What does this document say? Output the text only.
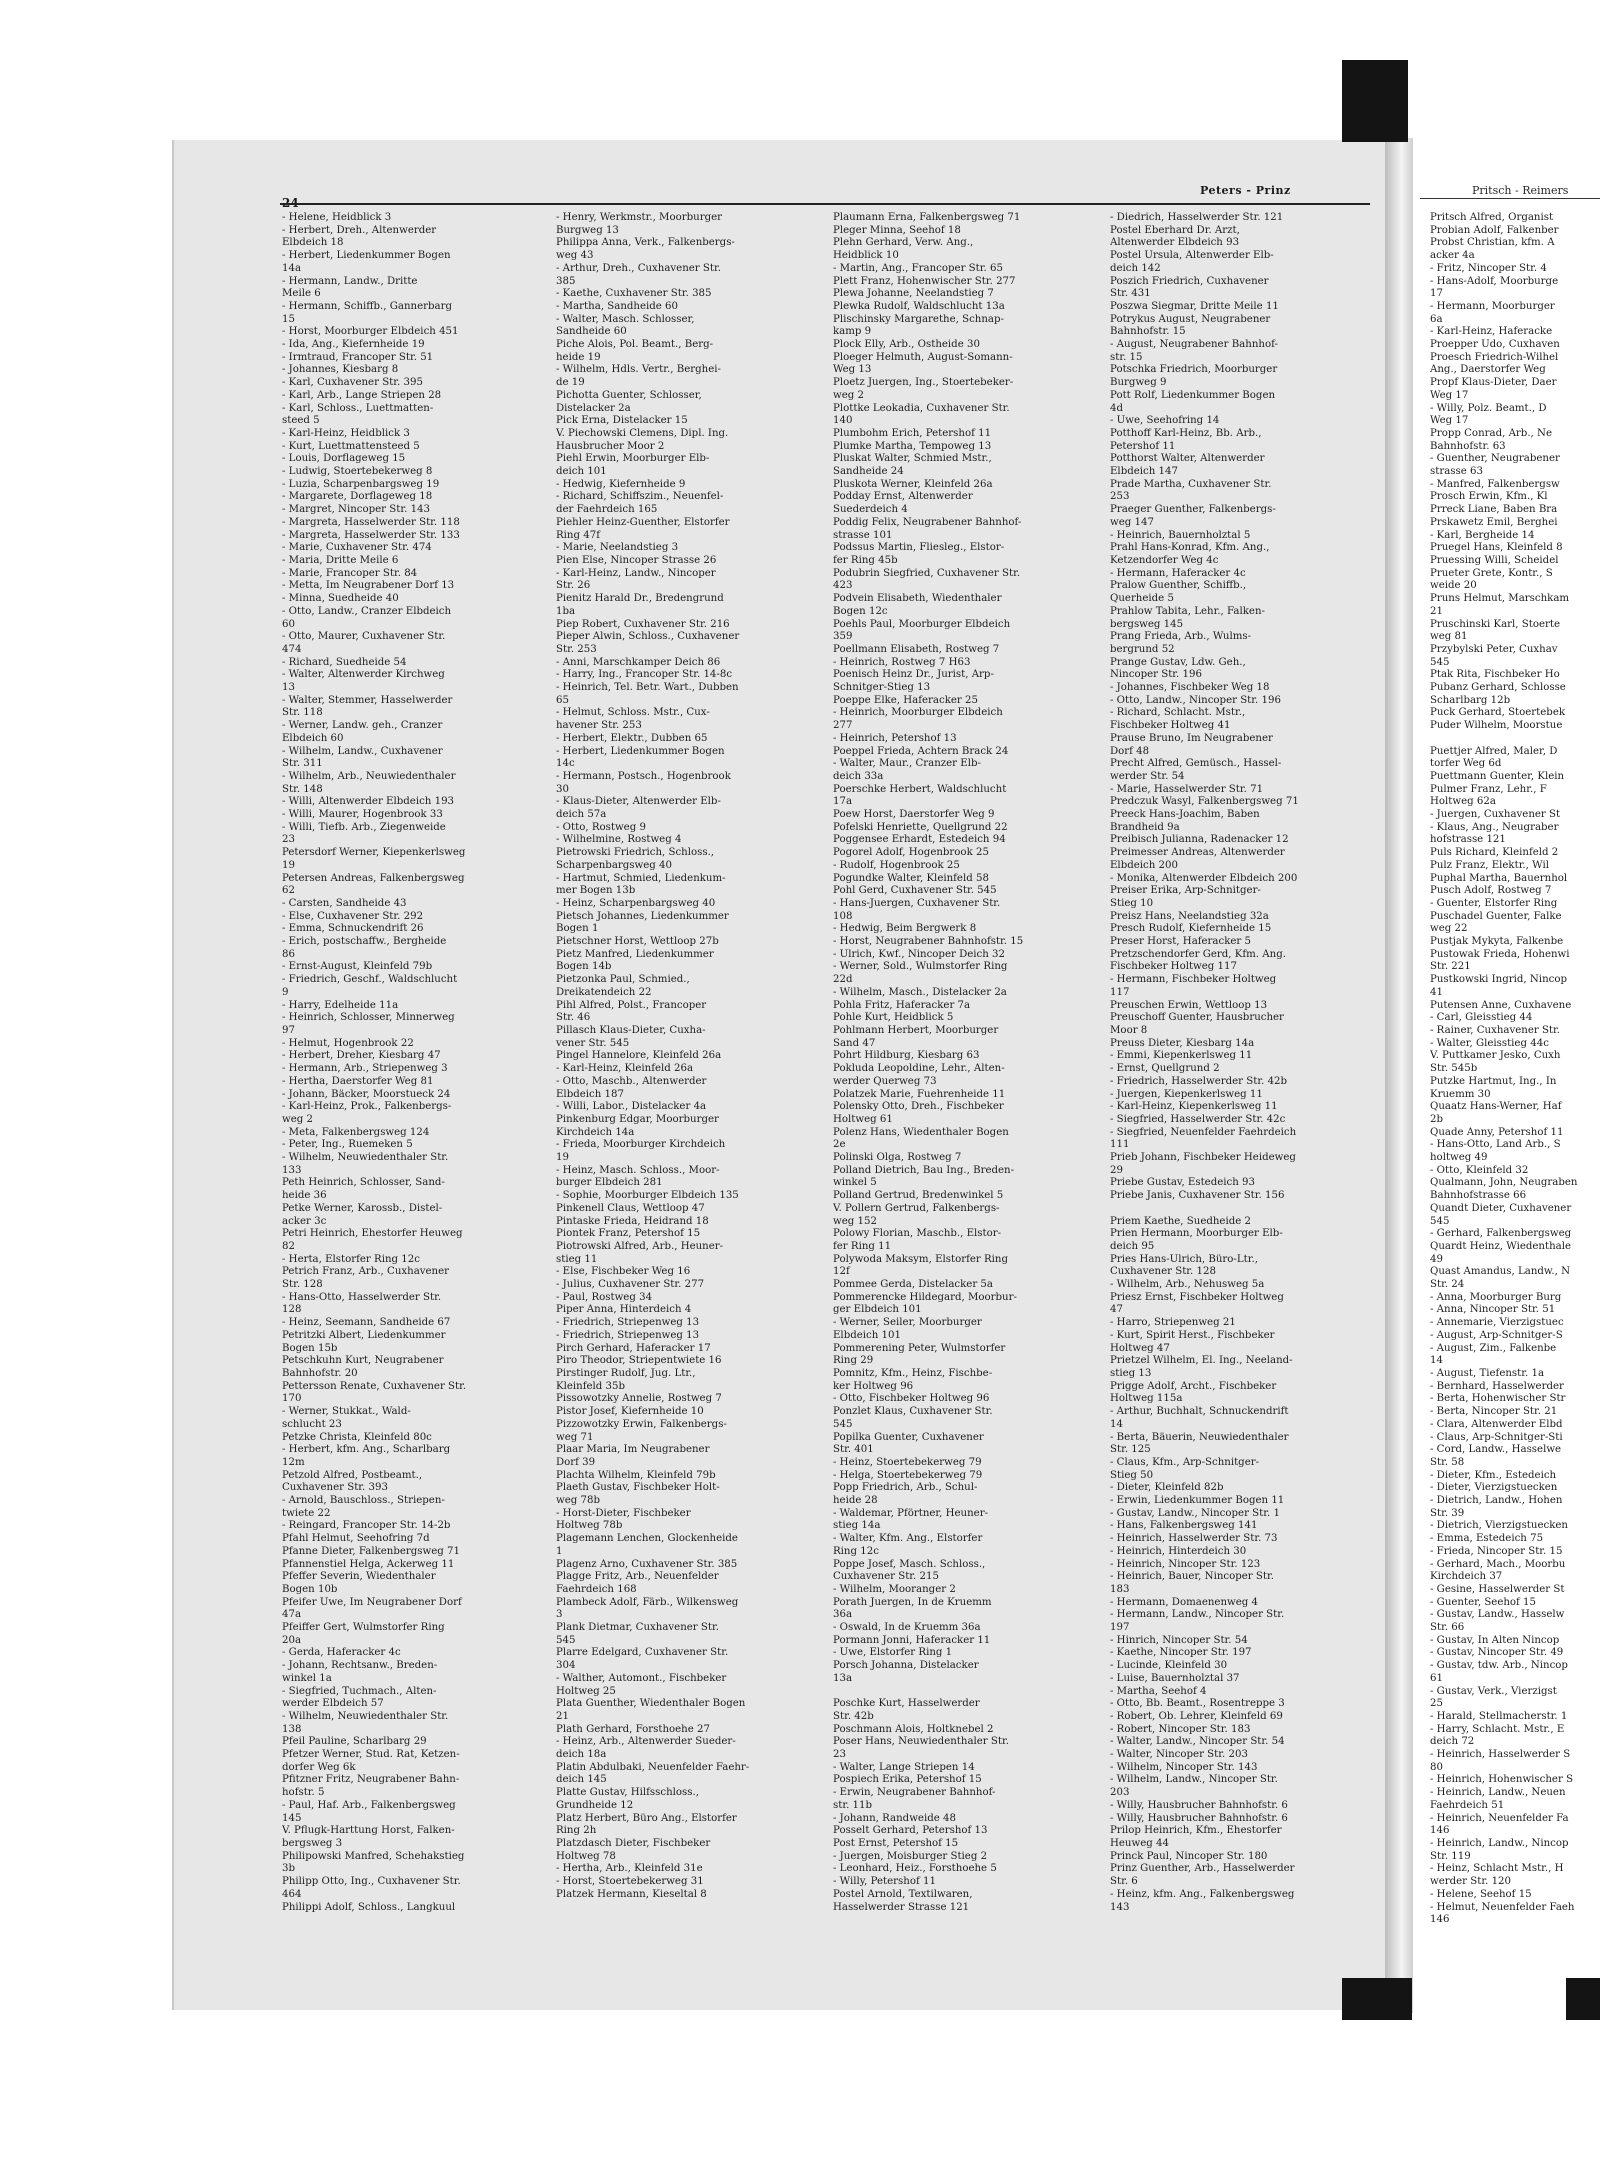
Peters - Prinz	Pritsch - Reimers
- Helene, Heidblick 3
- Herbert, Dreh., Altenwerder
Elbdeich 18
- Herbert, Liedenkummer Bogen
14a
- Hermann, Landw., Dritte
Meile 6
- Hermann, Schiffb., Gannerbarg
15
- Horst, Moorburger Elbdeich 451
- Ida, Ang., Kiefernheide 19
- Irmtraud, Francoper Str. 51
- Johannes, Kiesbarg 8
- Karl, Cuxhavener Str. 395
- Karl, Arb., Lange Striepen 28
- Karl, Schloss., Luettmatten-
steed 5
- Karl-Heinz, Heidblick 3
- Kurt, Luettmattensteed 5
- Louis, Dorflageweg 15
- Ludwig, Stoertebekerweg 8
- Luzia, Scharpenbargsweg 19
- Margarete, Dorflageweg 18
- Margret, Nincoper Str. 143
- Margreta, Hasselwerder Str. 118
- Margreta, Hasselwerder Str. 133
- Marie, Cuxhavener Str. 474
- Maria, Dritte Meile 6
- Marie, Francoper Str. 84
- Metta, Im Neugrabener Dorf 13
- Minna, Suedheide 40
- Otto, Landw., Cranzer Elbdeich
60
- Otto, Maurer, Cuxhavener Str.
474
- Richard, Suedheide 54
- Walter, Altenwerder Kirchweg
13
- Walter, Stemmer, Hasselwerder
Str. 118
- Werner, Landw. geh., Cranzer
Elbdeich 60
- Wilhelm, Landw., Cuxhavener
Str. 311
- Wilhelm, Arb., Neuwiedenthaler
Str. 148
- Willi, Altenwerder Elbdeich 193
- Willi, Maurer, Hogenbrook 33
- Willi, Tiefb. Arb., Ziegenweide
23
Petersdorf Werner, Kiepenkerlsweg
19
Petersen Andreas, Falkenbergsweg
62
- Carsten, Sandheide 43
- Else, Cuxhavener Str. 292
- Emma, Schnuckendrift 26
- Erich, postschaffw., Bergheide
86
- Ernst-August, Kleinfeld 79b
- Friedrich, Geschf., Waldschlucht
9
- Harry, Edelheide 11a
- Heinrich, Schlosser, Minnerweg
97
- Helmut, Hogenbrook 22
- Herbert, Dreher, Kiesbarg 47
- Hermann, Arb., Striepenweg 3
- Hertha, Daerstorfer Weg 81
- Johann, Bäcker, Moorstueck 24
- Karl-Heinz, Prok., Falkenbergs-
weg 2
- Meta, Falkenbergsweg 124
- Peter, Ing., Ruemeken 5
- Wilhelm, Neuwiedenthaler Str.
133
Peth Heinrich, Schlosser, Sand-
heide 36
Petke Werner, Karossb., Distel-
acker 3c
Petri Heinrich, Ehestorfer Heuweg
82
- Herta, Elstorfer Ring 12c
Petrich Franz, Arb., Cuxhavener
Str. 128
- Hans-Otto, Hasselwerder Str.
128
- Heinz, Seemann, Sandheide 67
Petritzki Albert, Liedenkummer
Bogen 15b
Petschkuhn Kurt, Neugrabener
Bahnhofstr. 20
Pettersson Renate, Cuxhavener Str.
170
- Werner, Stukkat., Wald-
schlucht 23
Petzke Christa, Kleinfeld 80c
- Herbert, kfm. Ang., Scharlbarg
12m
Petzold Alfred, Postbeamt.,
Cuxhavener Str. 393
- Arnold, Bauschloss., Striepen-
twiete 22
- Reingard, Francoper Str. 14-2b
Pfahl Helmut, Seehofring 7d
Pfanne Dieter, Falkenbergsweg 71
Pfannenstiel Helga, Ackerweg 11
Pfeffer Severin, Wiedenthaler
Bogen 10b
Pfeifer Uwe, Im Neugrabener Dorf
47a
Pfeiffer Gert, Wulmstorfer Ring
20a
- Gerda, Haferacker 4c
- Johann, Rechtsanw., Breden-
winkel 1a
- Siegfried, Tuchmach., Alten-
werder Elbdeich 57
- Wilhelm, Neuwiedenthaler Str.
138
Pfeil Pauline, Scharlbarg 29
Pfetzer Werner, Stud. Rat, Ketzen-
dorfer Weg 6k
Pfitzner Fritz, Neugrabener Bahn-
hofstr. 5
- Paul, Haf. Arb., Falkenbergsweg
145
V. Pflugk-Harttung Horst, Falken-
bergsweg 3
Philipowski Manfred, Schehakstieg
3b
Philipp Otto, Ing., Cuxhavener Str.
464
Philippi Adolf, Schloss., Langkuul
- Henry, Werkmstr., Moorburger
Burgweg 13
Philippa Anna, Verk., Falkenbergs-
weg 43
- Arthur, Dreh., Cuxhavener Str.
385
- Kaethe, Cuxhavener Str. 385
- Martha, Sandheide 60
- Walter, Masch. Schlosser,
Sandheide 60
Piche Alois, Pol. Beamt., Berg-
heide 19
- Wilhelm, Hdls. Vertr., Berghei-
de 19
Pichotta Guenter, Schlosser,
Distelacker 2a
Pick Erna, Distelacker 15
V. Piechowski Clemens, Dipl. Ing.
Hausbrucher Moor 2
Piehl Erwin, Moorburger Elb-
deich 101
- Hedwig, Kiefernheide 9
- Richard, Schiffszim., Neuenfel-
der Faehrdeich 165
Piehler Heinz-Guenther, Elstorfer
Ring 47f
- Marie, Neelandstieg 3
Pien Else, Nincoper Strasse 26
- Karl-Heinz, Landw., Nincoper
Str. 26
Pienitz Harald Dr., Bredengrund
1ba
Piep Robert, Cuxhavener Str. 216
Pieper Alwin, Schloss., Cuxhavener
Str. 253
- Anni, Marschkamper Deich 86
- Harry, Ing., Francoper Str. 14-8c
- Heinrich, Tel. Betr. Wart., Dubben
65
- Helmut, Schloss. Mstr., Cux-
havener Str. 253
- Herbert, Elektr., Dubben 65
- Herbert, Liedenkummer Bogen
14c
- Hermann, Postsch., Hogenbrook
30
- Klaus-Dieter, Altenwerder Elb-
deich 57a
- Otto, Rostweg 9
- Wilhelmine, Rostweg 4
Pietrowski Friedrich, Schloss.,
Scharpenbargsweg 40
- Hartmut, Schmied, Liedenkum-
mer Bogen 13b
- Heinz, Scharpenbargsweg 40
Pietsch Johannes, Liedenkummer
Bogen 1
Pietschner Horst, Wettloop 27b
Pietz Manfred, Liedenkummer
Bogen 14b
Pietzonka Paul, Schmied.,
Dreikatendeich 22
Pihl Alfred, Polst., Francoper
Str. 46
Pillasch Klaus-Dieter, Cuxha-
vener Str. 545
Pingel Hannelore, Kleinfeld 26a
- Karl-Heinz, Kleinfeld 26a
- Otto, Maschb., Altenwerder
Elbdeich 187
- Willi, Labor., Distelacker 4a
Pinkenburg Edgar, Moorburger
Kirchdeich 14a
- Frieda, Moorburger Kirchdeich
19
- Heinz, Masch. Schloss., Moor-
burger Elbdeich 281
- Sophie, Moorburger Elbdeich 135
Pinkenell Claus, Wettloop 47
Pintaske Frieda, Heidrand 18
Piontek Franz, Petershof 15
Piotrowski Alfred, Arb., Heuner-
stieg 11
- Else, Fischbeker Weg 16
- Julius, Cuxhavener Str. 277
- Paul, Rostweg 34
Piper Anna, Hinterdeich 4
- Friedrich, Striepenweg 13
- Friedrich, Striepenweg 13
Pirch Gerhard, Haferacker 17
Piro Theodor, Striepentwiete 16
Pirstinger Rudolf, Jug. Ltr.,
Kleinfeld 35b
Pissowotzky Annelie, Rostweg 7
Pistor Josef, Kiefernheide 10
Pizzowotzky Erwin, Falkenbergs-
weg 71
Plaar Maria, Im Neugrabener
Dorf 39
Plachta Wilhelm, Kleinfeld 79b
Plaeth Gustav, Fischbeker Holt-
weg 78b
- Horst-Dieter, Fischbeker
Holtweg 78b
Plagemann Lenchen, Glockenheide
1
Plagenz Arno, Cuxhavener Str. 385
Plagge Fritz, Arb., Neuenfelder
Faehrdeich 168
Plambeck Adolf, Färb., Wilkensweg
3
Plank Dietmar, Cuxhavener Str.
545
Plarre Edelgard, Cuxhavener Str.
304
- Walther, Automont., Fischbeker
Holtweg 25
Plata Guenther, Wiedenthaler Bogen
21
Plath Gerhard, Forsthoehe 27
- Heinz, Arb., Altenwerder Sueder-
deich 18a
Platin Abdulbaki, Neuenfelder Faehr-
deich 145
Platte Gustav, Hilfsschloss.,
Grundheide 12
Platz Herbert, Büro Ang., Elstorfer
Ring 2h
Platzdasch Dieter, Fischbeker
Holtweg 78
- Hertha, Arb., Kleinfeld 31e
- Horst, Stoertebekerweg 31
Platzek Hermann, Kieseltal 8
Plaumann Erna, Falkenbergsweg 71
Pleger Minna, Seehof 18
Plehn Gerhard, Verw. Ang.,
Heidblick 10
- Martin, Ang., Francoper Str. 65
Plett Franz, Hohenwischer Str. 277
Plewa Johanne, Neelandstieg 7
Plewka Rudolf, Waldschlucht 13a
Plischinsky Margarethe, Schnap-
kamp 9
Plock Elly, Arb., Ostheide 30
Ploeger Helmuth, August-Somann-
Weg 13
Ploetz Juergen, Ing., Stoertebeker-
weg 2
Plottke Leokadia, Cuxhavener Str.
140
Plumbohm Erich, Petershof 11
Plumke Martha, Tempoweg 13
Pluskat Walter, Schmied Mstr.,
Sandheide 24
Pluskota Werner, Kleinfeld 26a
Podday Ernst, Altenwerder
Suederdeich 4
Poddig Felix, Neugrabener Bahnhof-
strasse 101
Podssus Martin, Fliesleg., Elstor-
fer Ring 45b
Podubrin Siegfried, Cuxhavener Str.
423
Podvein Elisabeth, Wiedenthaler
Bogen 12c
Poehls Paul, Moorburger Elbdeich
359
Poellmann Elisabeth, Rostweg 7
- Heinrich, Rostweg 7 H63
Poenisch Heinz Dr., Jurist, Arp-
Schnitger-Stieg 13
Poeppe Elke, Haferacker 25
- Heinrich, Moorburger Elbdeich
277
- Heinrich, Petershof 13
Poeppel Frieda, Achtern Brack 24
- Walter, Maur., Cranzer Elb-
deich 33a
Poerschke Herbert, Waldschlucht
17a
Poew Horst, Daerstorfer Weg 9
Pofelski Henriette, Quellgrund 22
Poggensee Erhardt, Estedeich 94
Pogorel Adolf, Hogenbrook 25
- Rudolf, Hogenbrook 25
Pogundke Walter, Kleinfeld 58
Pohl Gerd, Cuxhavener Str. 545
- Hans-Juergen, Cuxhavener Str.
108
- Hedwig, Beim Bergwerk 8
- Horst, Neugrabener Bahnhofstr. 15
- Ulrich, Kwf., Nincoper Deich 32
- Werner, Sold., Wulmstorfer Ring
22d
- Wilhelm, Masch., Distelacker 2a
Pohla Fritz, Haferacker 7a
Pohle Kurt, Heidblick 5
Pohlmann Herbert, Moorburger
Sand 47
Pohrt Hildburg, Kiesbarg 63
Pokluda Leopoldine, Lehr., Alten-
werder Querweg 73
Polatzek Marie, Fuehrenheide 11
Polensky Otto, Dreh., Fischbeker
Holtweg 61
Polenz Hans, Wiedenthaler Bogen
2e
Polinski Olga, Rostweg 7
Polland Dietrich, Bau Ing., Breden-
winkel 5
Polland Gertrud, Bredenwinkel 5
V. Pollern Gertrud, Falkenbergs-
weg 152
Polowy Florian, Maschb., Elstor-
fer Ring 11
Polywoda Maksym, Elstorfer Ring
12f
Pommee Gerda, Distelacker 5a
Pommerencke Hildegard, Moorbur-
ger Elbdeich 101
- Werner, Seiler, Moorburger
Elbdeich 101
Pommerening Peter, Wulmstorfer
Ring 29
Pomnitz, Kfm., Heinz, Fischbe-
ker Holtweg 96
- Otto, Fischbeker Holtweg 96
Ponzlet Klaus, Cuxhavener Str.
545
Popilka Guenter, Cuxhavener
Str. 401
- Heinz, Stoertebekerweg 79
- Helga, Stoertebekerweg 79
Popp Friedrich, Arb., Schul-
heide 28
- Waldemar, Pförtner, Heuner-
stieg 14a
- Walter, Kfm. Ang., Elstorfer
Ring 12c
Poppe Josef, Masch. Schloss.,
Cuxhavener Str. 215
- Wilhelm, Mooranger 2
Porath Juergen, In de Kruemm
36a
- Oswald, In de Kruemm 36a
Pormann Jonni, Haferacker 11
- Uwe, Elstorfer Ring 1
Porsch Johanna, Distelacker
13a

Poschke Kurt, Hasselwerder
Str. 42b
Poschmann Alois, Holtknebel 2
Poser Hans, Neuwiedenthaler Str.
23
- Walter, Lange Striepen 14
Pospiech Erika, Petershof 15
- Erwin, Neugrabener Bahnhof-
str. 11b
- Johann, Randweide 48
Posselt Gerhard, Petershof 13
Post Ernst, Petershof 15
- Juergen, Moisburger Stieg 2
- Leonhard, Heiz., Forsthoehe 5
- Willy, Petershof 11
Postel Arnold, Textilwaren,
Hasselwerder Strasse 121
- Diedrich, Hasselwerder Str. 121
Postel Eberhard Dr. Arzt,
Altenwerder Elbdeich 93
Postel Ursula, Altenwerder Elb-
deich 142
Poszich Friedrich, Cuxhavener
Str. 431
Poszwa Siegmar, Dritte Meile 11
Potrykus August, Neugrabener
Bahnhofstr. 15
- August, Neugrabener Bahnhof-
str. 15
Potschka Friedrich, Moorburger
Burgweg 9
Pott Rolf, Liedenkummer Bogen
4d
- Uwe, Seehofring 14
Potthoff Karl-Heinz, Bb. Arb.,
Petershof 11
Potthorst Walter, Altenwerder
Elbdeich 147
Prade Martha, Cuxhavener Str.
253
Praeger Guenther, Falkenbergs-
weg 147
- Heinrich, Bauernholztal 5
Prahl Hans-Konrad, Kfm. Ang.,
Ketzendorfer Weg 4c
- Hermann, Haferacker 4c
Pralow Guenther, Schiffb.,
Querheide 5
Prahlow Tabita, Lehr., Falken-
bergsweg 145
Prang Frieda, Arb., Wulms-
bergrund 52
Prange Gustav, Ldw. Geh.,
Nincoper Str. 196
- Johannes, Fischbeker Weg 18
- Otto, Landw., Nincoper Str. 196
- Richard, Schlacht. Mstr.,
Fischbeker Holtweg 41
Prause Bruno, Im Neugrabener
Dorf 48
Precht Alfred, Gemüsch., Hassel-
werder Str. 54
- Marie, Hasselwerder Str. 71
Predczuk Wasyl, Falkenbergsweg 71
Preeck Hans-Joachim, Baben
Brandheid 9a
Preibisch Julianna, Radenacker 12
Preimesser Andreas, Altenwerder
Elbdeich 200
- Monika, Altenwerder Elbdeich 200
Preiser Erika, Arp-Schnitger-
Stieg 10
Preisz Hans, Neelandstieg 32a
Presch Rudolf, Kiefernheide 15
Preser Horst, Haferacker 5
Pretzschendorfer Gerd, Kfm. Ang.
Fischbeker Holtweg 117
- Hermann, Fischbeker Holtweg
117
Preuschen Erwin, Wettloop 13
Preuschoff Guenter, Hausbrucher
Moor 8
Preuss Dieter, Kiesbarg 14a
- Emmi, Kiepenkerlsweg 11
- Ernst, Quellgrund 2
- Friedrich, Hasselwerder Str. 42b
- Juergen, Kiepenkerlsweg 11
- Karl-Heinz, Kiepenkerlsweg 11
- Siegfried, Hasselwerder Str. 42c
- Siegfried, Neuenfelder Faehrdeich
111
Prieb Johann, Fischbeker Heideweg
29
Priebe Gustav, Estedeich 93
Priebe Janis, Cuxhavener Str. 156

Priem Kaethe, Suedheide 2
Prien Hermann, Moorburger Elb-
deich 95
Pries Hans-Ulrich, Büro-Ltr.,
Cuxhavener Str. 128
- Wilhelm, Arb., Nehusweg 5a
Priesz Ernst, Fischbeker Holtweg
47
- Harro, Striepenweg 21
- Kurt, Spirit Herst., Fischbeker
Holtweg 47
Prietzel Wilhelm, El. Ing., Neeland-
stieg 13
Prigge Adolf, Archt., Fischbeker
Holtweg 115a
- Arthur, Buchhalt, Schnuckendrift
14
- Berta, Bäuerin, Neuwiedenthaler
Str. 125
- Claus, Kfm., Arp-Schnitger-
Stieg 50
- Dieter, Kleinfeld 82b
- Erwin, Liedenkummer Bogen 11
- Gustav, Landw., Nincoper Str. 1
- Hans, Falkenbergsweg 141
- Heinrich, Hasselwerder Str. 73
- Heinrich, Hinterdeich 30
- Heinrich, Nincoper Str. 123
- Heinrich, Bauer, Nincoper Str.
183
- Hermann, Domaenenweg 4
- Hermann, Landw., Nincoper Str.
197
- Hinrich, Nincoper Str. 54
- Kaethe, Nincoper Str. 197
- Lucinde, Kleinfeld 30
- Luise, Bauernholztal 37
- Martha, Seehof 4
- Otto, Bb. Beamt., Rosentreppe 3
- Robert, Ob. Lehrer, Kleinfeld 69
- Robert, Nincoper Str. 183
- Walter, Landw., Nincoper Str. 54
- Walter, Nincoper Str. 203
- Wilhelm, Nincoper Str. 143
- Wilhelm, Landw., Nincoper Str.
203
- Willy, Hausbrucher Bahnhofstr. 6
- Willy, Hausbrucher Bahnhofstr. 6
Prilop Heinrich, Kfm., Ehestorfer
Heuweg 44
Princk Paul, Nincoper Str. 180
Prinz Guenther, Arb., Hasselwerder
Str. 6
- Heinz, kfm. Ang., Falkenbergsweg
143
Pritsch Alfred, Organist
Probian Adolf, Falkenber
Probst Christian, kfm. A
acker 4a
- Fritz, Nincoper Str. 4
- Hans-Adolf, Moorburge
17
- Hermann, Moorburger
6a
- Karl-Heinz, Haferacke
Proepper Udo, Cuxhaven
Proesch Friedrich-Wilhel
Ang., Daerstorfer Weg
Propf Klaus-Dieter, Daer
Weg 17
- Willy, Polz. Beamt., D
Weg 17
Propp Conrad, Arb., Ne
Bahnhofstr. 63
- Guenther, Neugrabener
strasse 63
- Manfred, Falkenbergsw
Prosch Erwin, Kfm., Kl
Prreck Liane, Baben Bra
Prskawetz Emil, Berghei
- Karl, Bergheide 14
Pruegel Hans, Kleinfeld 8
Pruessing Willi, Scheidel
Prueter Grete, Kontr., S
weide 20
Pruns Helmut, Marschkam
21
Pruschinski Karl, Stoerte
weg 81
Przybylski Peter, Cuxhav
545
Ptak Rita, Fischbeker Ho
Pubanz Gerhard, Schlosse
Scharlbarg 12b
Puck Gerhard, Stoertebek
Puder Wilhelm, Moorstue

Puettjer Alfred, Maler, D
torfer Weg 6d
Puettmann Guenter, Klein
Pulmer Franz, Lehr., F
Holtweg 62a
- Juergen, Cuxhavener St
- Klaus, Ang., Neugraber
hofstrasse 121
Puls Richard, Kleinfeld 2
Pulz Franz, Elektr., Wil
Puphal Martha, Bauernhol
Pusch Adolf, Rostweg 7
- Guenter, Elstorfer Ring
Puschadel Guenter, Falke
weg 22
Pustjak Mykyta, Falkenbe
Pustowak Frieda, Hohenwi
Str. 221
Pustkowski Ingrid, Nincop
41
Putensen Anne, Cuxhavene
- Carl, Gleisstieg 44
- Rainer, Cuxhavener Str.
- Walter, Gleisstieg 44c
V. Puttkamer Jesko, Cuxh
Str. 545b
Putzke Hartmut, Ing., In
Kruemm 30
Quaatz Hans-Werner, Haf
2b
Quade Anny, Petershof 11
- Hans-Otto, Land Arb., S
holtweg 49
- Otto, Kleinfeld 32
Qualmann, John, Neugraben
Bahnhofstrasse 66
Quandt Dieter, Cuxhavener
545
- Gerhard, Falkenbergsweg
Quardt Heinz, Wiedenthale
49
Quast Amandus, Landw., N
Str. 24
- Anna, Moorburger Burg
- Anna, Nincoper Str. 51
- Annemarie, Vierzigstuec
- August, Arp-Schnitger-S
- August, Zim., Falkenbe
14
- August, Tiefenstr. 1a
- Bernhard, Hasselwerder
- Berta, Hohenwischer Str
- Berta, Nincoper Str. 21
- Clara, Altenwerder Elbd
- Claus, Arp-Schnitger-Sti
- Cord, Landw., Hasselwe
Str. 58
- Dieter, Kfm., Estedeich
- Dieter, Vierzigstuecken
- Dietrich, Landw., Hohen
Str. 39
- Dietrich, Vierzigstuecken
- Emma, Estedeich 75
- Frieda, Nincoper Str. 15
- Gerhard, Mach., Moorbu
Kirchdeich 37
- Gesine, Hasselwerder St
- Guenter, Seehof 15
- Gustav, Landw., Hasselw
Str. 66
- Gustav, In Alten Nincop
- Gustav, Nincoper Str. 49
- Gustav, tdw. Arb., Nincop
61
- Gustav, Verk., Vierzigst
25
- Harald, Stellmacherstr. 1
- Harry, Schlacht. Mstr., E
deich 72
- Heinrich, Hasselwerder S
80
- Heinrich, Hohenwischer S
- Heinrich, Landw., Neuen
Faehrdeich 51
- Heinrich, Neuenfelder Fa
146
- Heinrich, Landw., Nincop
Str. 119
- Heinz, Schlacht Mstr., H
werder Str. 120
- Helene, Seehof 15
- Helmut, Neuenfelder Faeh
146
